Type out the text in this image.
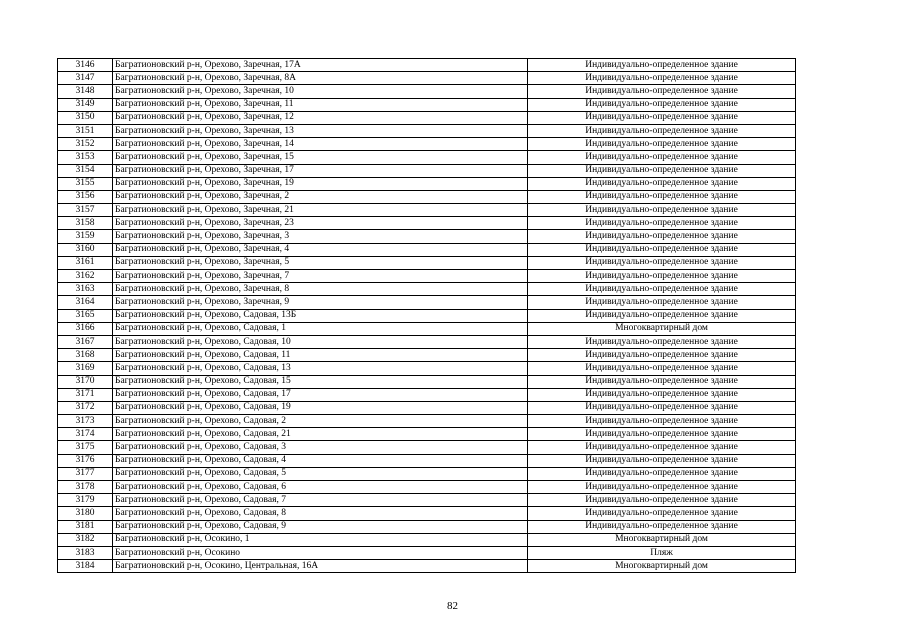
3146	Багратионовский р-н, Орехово, Заречная, 17А	Индивидуально-определенное здание
3147	Багратионовский р-н, Орехово, Заречная, 8А	Индивидуально-определенное здание
3148	Багратионовский р-н, Орехово, Заречная, 10	Индивидуально-определенное здание
3149	Багратионовский р-н, Орехово, Заречная, 11	Индивидуально-определенное здание
3150	Багратионовский р-н, Орехово, Заречная, 12	Индивидуально-определенное здание
3151	Багратионовский р-н, Орехово, Заречная, 13	Индивидуально-определенное здание
3152	Багратионовский р-н, Орехово, Заречная, 14	Индивидуально-определенное здание
3153	Багратионовский р-н, Орехово, Заречная, 15	Индивидуально-определенное здание
3154	Багратионовский р-н, Орехово, Заречная, 17	Индивидуально-определенное здание
3155	Багратионовский р-н, Орехово, Заречная, 19	Индивидуально-определенное здание
3156	Багратионовский р-н, Орехово, Заречная, 2	Индивидуально-определенное здание
3157	Багратионовский р-н, Орехово, Заречная, 21	Индивидуально-определенное здание
3158	Багратионовский р-н, Орехово, Заречная, 23	Индивидуально-определенное здание
3159	Багратионовский р-н, Орехово, Заречная, 3	Индивидуально-определенное здание
3160	Багратионовский р-н, Орехово, Заречная, 4	Индивидуально-определенное здание
3161	Багратионовский р-н, Орехово, Заречная, 5	Индивидуально-определенное здание
3162	Багратионовский р-н, Орехово, Заречная, 7	Индивидуально-определенное здание
3163	Багратионовский р-н, Орехово, Заречная, 8	Индивидуально-определенное здание
3164	Багратионовский р-н, Орехово, Заречная, 9	Индивидуально-определенное здание
3165	Багратионовский р-н, Орехово, Садовая, 13Б	Индивидуально-определенное здание
3166	Багратионовский р-н, Орехово, Садовая, 1	Многоквартирный дом
3167	Багратионовский р-н, Орехово, Садовая, 10	Индивидуально-определенное здание
3168	Багратионовский р-н, Орехово, Садовая, 11	Индивидуально-определенное здание
3169	Багратионовский р-н, Орехово, Садовая, 13	Индивидуально-определенное здание
3170	Багратионовский р-н, Орехово, Садовая, 15	Индивидуально-определенное здание
3171	Багратионовский р-н, Орехово, Садовая, 17	Индивидуально-определенное здание
3172	Багратионовский р-н, Орехово, Садовая, 19	Индивидуально-определенное здание
3173	Багратионовский р-н, Орехово, Садовая, 2	Индивидуально-определенное здание
3174	Багратионовский р-н, Орехово, Садовая, 21	Индивидуально-определенное здание
3175	Багратионовский р-н, Орехово, Садовая, 3	Индивидуально-определенное здание
3176	Багратионовский р-н, Орехово, Садовая, 4	Индивидуально-определенное здание
3177	Багратионовский р-н, Орехово, Садовая, 5	Индивидуально-определенное здание
3178	Багратионовский р-н, Орехово, Садовая, 6	Индивидуально-определенное здание
3179	Багратионовский р-н, Орехово, Садовая, 7	Индивидуально-определенное здание
3180	Багратионовский р-н, Орехово, Садовая, 8	Индивидуально-определенное здание
3181	Багратионовский р-н, Орехово, Садовая, 9	Индивидуально-определенное здание
3182	Багратионовский р-н, Осокино, 1	Многоквартирный дом
3183	Багратионовский р-н, Осокино	Пляж
3184	Багратионовский р-н, Осокино, Центральная, 16А	Многоквартирный дом
82
